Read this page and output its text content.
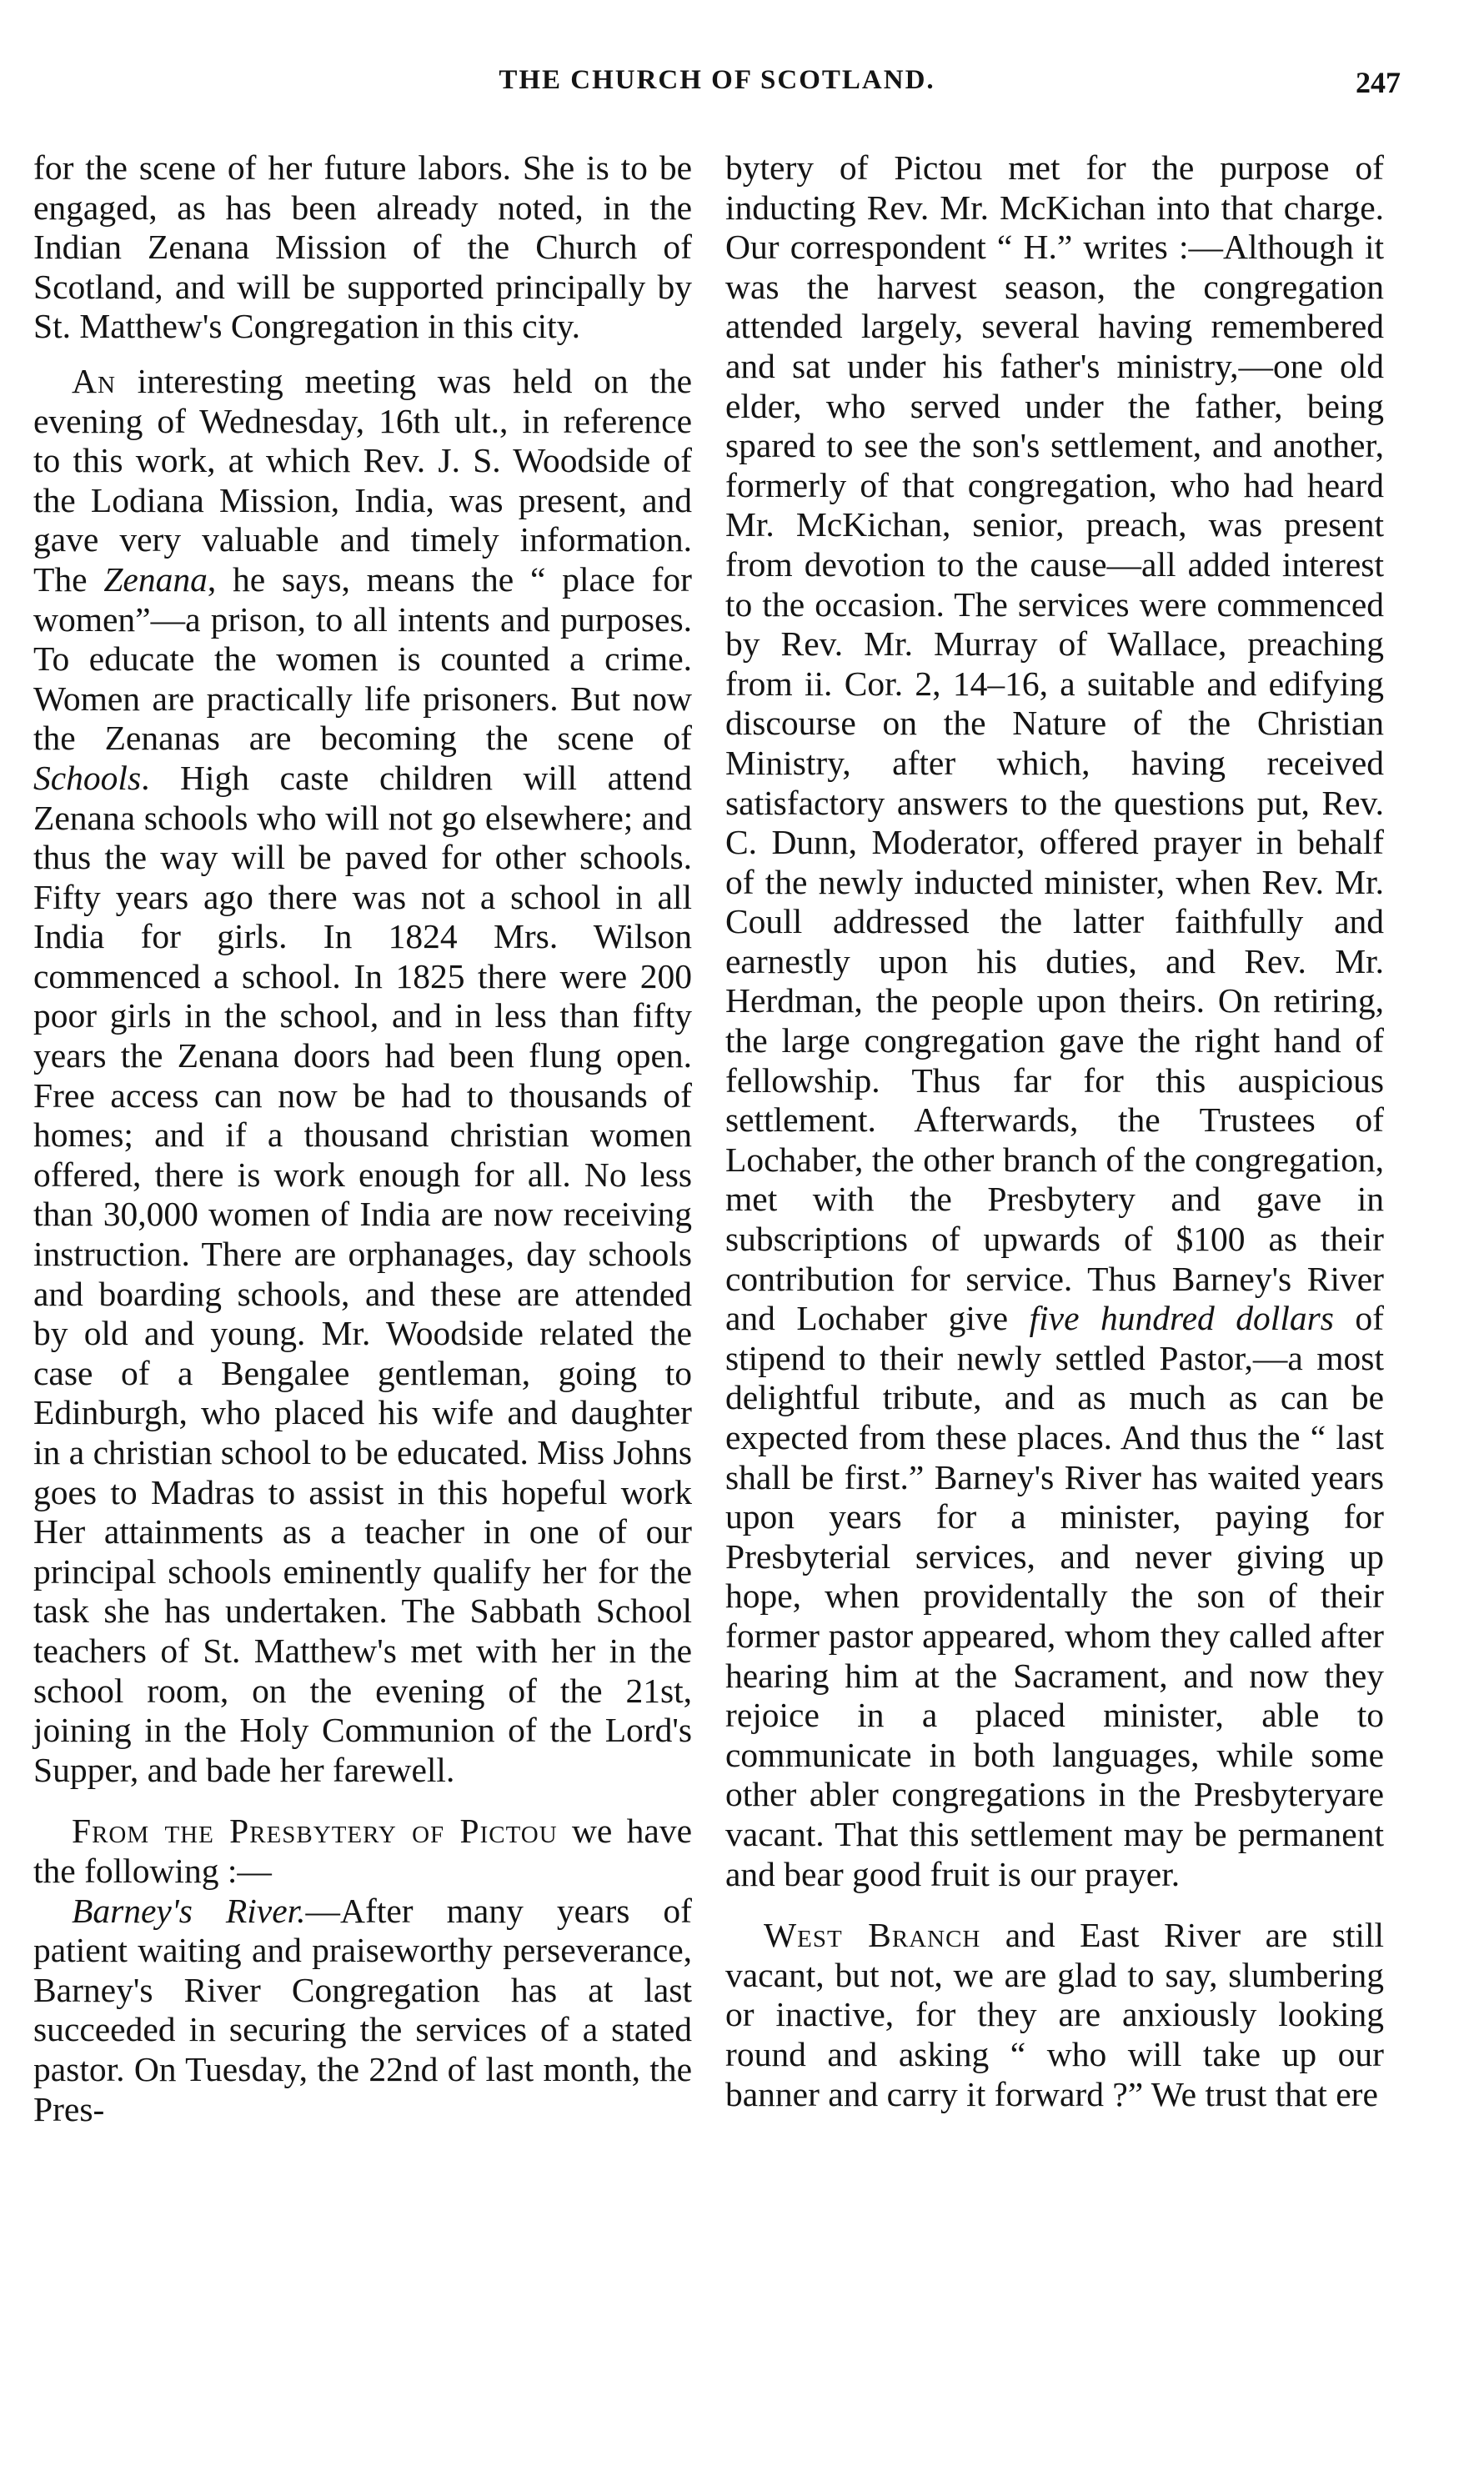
THE CHURCH OF SCOTLAND.	247

for the scene of her future labors. She is to be engaged, as has been already noted, in the Indian Zenana Mission of the Church of Scotland, and will be supported principally by St. Matthew's Congregation in this city.

An interesting meeting was held on the evening of Wednesday, 16th ult., in reference to this work, at which Rev. J. S. Woodside of the Lodiana Mission, India, was present, and gave very valuable and timely information. The Zenana, he says, means the “ place for women”—a prison, to all intents and purposes. To educate the women is counted a crime. Women are practically life prisoners. But now the Zenanas are becoming the scene of Schools. High caste children will attend Zenana schools who will not go elsewhere; and thus the way will be paved for other schools. Fifty years ago there was not a school in all India for girls. In 1824 Mrs. Wilson commenced a school. In 1825 there were 200 poor girls in the school, and in less than fifty years the Zenana doors had been flung open. Free access can now be had to thousands of homes; and if a thousand christian women offered, there is work enough for all. No less than 30,000 women of India are now receiving instruction. There are orphanages, day schools and boarding schools, and these are attended by old and young. Mr. Woodside related the case of a Bengalee gentleman, going to Edinburgh, who placed his wife and daughter in a christian school to be educated. Miss Johns goes to Madras to assist in this hopeful work Her attainments as a teacher in one of our principal schools eminently qualify her for the task she has undertaken. The Sabbath School teachers of St. Matthew's met with her in the school room, on the evening of the 21st, joining in the Holy Communion of the Lord's Supper, and bade her farewell.

From the Presbytery of Pictou we have the following :—

Barney's River.—After many years of patient waiting and praiseworthy perseverance, Barney's River Congregation has at last succeeded in securing the services of a stated pastor. On Tuesday, the 22nd of last month, the Pres-

bytery of Pictou met for the purpose of inducting Rev. Mr. McKichan into that charge. Our correspondent “ H.” writes :—Although it was the harvest season, the congregation attended largely, several having remembered and sat under his father's ministry,—one old elder, who served under the father, being spared to see the son's settlement, and another, formerly of that congregation, who had heard Mr. McKichan, senior, preach, was present from devotion to the cause—all added interest to the occasion. The services were commenced by Rev. Mr. Murray of Wallace, preaching from ii. Cor. 2, 14–16, a suitable and edifying discourse on the Nature of the Christian Ministry, after which, having received satisfactory answers to the questions put, Rev. C. Dunn, Moderator, offered prayer in behalf of the newly inducted minister, when Rev. Mr. Coull addressed the latter faithfully and earnestly upon his duties, and Rev. Mr. Herdman, the people upon theirs. On retiring, the large congregation gave the right hand of fellowship. Thus far for this auspicious settlement. Afterwards, the Trustees of Lochaber, the other branch of the congregation, met with the Presbytery and gave in subscriptions of upwards of $100 as their contribution for service. Thus Barney's River and Lochaber give five hundred dollars of stipend to their newly settled Pastor,—a most delightful tribute, and as much as can be expected from these places. And thus the “ last shall be first.” Barney's River has waited years upon years for a minister, paying for Presbyterial services, and never giving up hope, when providentally the son of their former pastor appeared, whom they called after hearing him at the Sacrament, and now they rejoice in a placed minister, able to communicate in both languages, while some other abler congregations in the Presbyteryare vacant. That this settlement may be permanent and bear good fruit is our prayer.

West Branch and East River are still vacant, but not, we are glad to say, slumbering or inactive, for they are anxiously looking round and asking “ who will take up our banner and carry it forward ?” We trust that ere
